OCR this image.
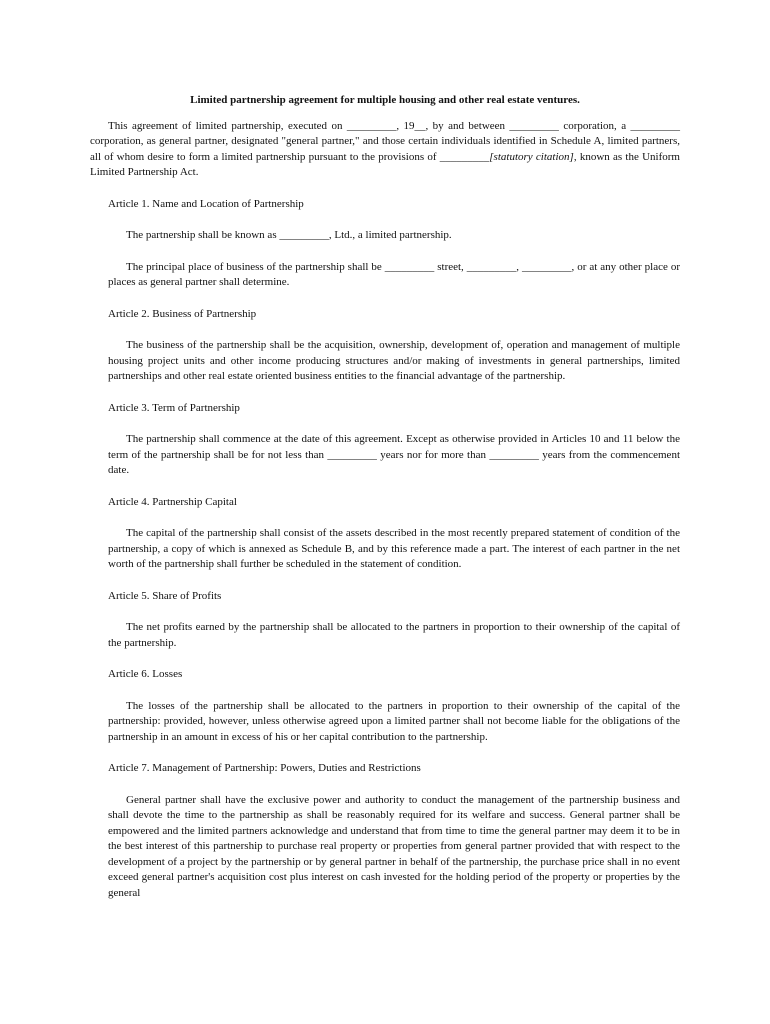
Limited partnership agreement for multiple housing and other real estate ventures.

This agreement of limited partnership, executed on _________, 19__, by and between _________ corporation, a _________ corporation, as general partner, designated "general partner," and those certain individuals identified in Schedule A, limited partners, all of whom desire to form a limited partnership pursuant to the provisions of _________[statutory citation], known as the Uniform Limited Partnership Act.

Article 1. Name and Location of Partnership

The partnership shall be known as _________, Ltd., a limited partnership.

The principal place of business of the partnership shall be _________ street, _________, _________, or at any other place or places as general partner shall determine.

Article 2. Business of Partnership

The business of the partnership shall be the acquisition, ownership, development of, operation and management of multiple housing project units and other income producing structures and/or making of investments in general partnerships, limited partnerships and other real estate oriented business entities to the financial advantage of the partnership.

Article 3. Term of Partnership

The partnership shall commence at the date of this agreement. Except as otherwise provided in Articles 10 and 11 below the term of the partnership shall be for not less than _________ years nor for more than _________ years from the commencement date.

Article 4. Partnership Capital

The capital of the partnership shall consist of the assets described in the most recently prepared statement of condition of the partnership, a copy of which is annexed as Schedule B, and by this reference made a part. The interest of each partner in the net worth of the partnership shall further be scheduled in the statement of condition.

Article 5. Share of Profits

The net profits earned by the partnership shall be allocated to the partners in proportion to their ownership of the capital of the partnership.

Article 6. Losses

The losses of the partnership shall be allocated to the partners in proportion to their ownership of the capital of the partnership: provided, however, unless otherwise agreed upon a limited partner shall not become liable for the obligations of the partnership in an amount in excess of his or her capital contribution to the partnership.

Article 7. Management of Partnership: Powers, Duties and Restrictions

General partner shall have the exclusive power and authority to conduct the management of the partnership business and shall devote the time to the partnership as shall be reasonably required for its welfare and success. General partner shall be empowered and the limited partners acknowledge and understand that from time to time the general partner may deem it to be in the best interest of this partnership to purchase real property or properties from general partner provided that with respect to the development of a project by the partnership or by general partner in behalf of the partnership, the purchase price shall in no event exceed general partner's acquisition cost plus interest on cash invested for the holding period of the property or properties by the general
